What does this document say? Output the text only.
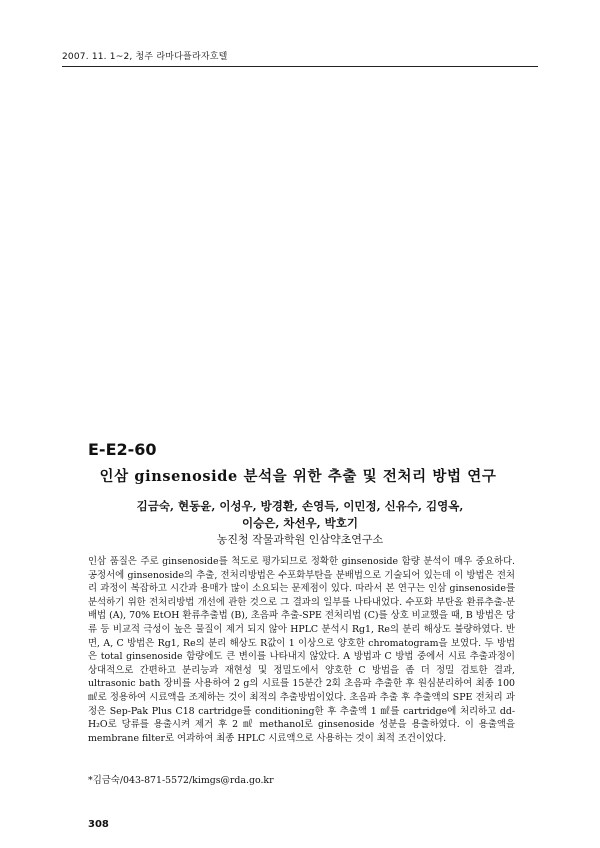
2007. 11. 1~2, 청주 라마다플라자호텔
E-E2-60
인삼 ginsenoside 분석을 위한 추출 및 전처리 방법 연구
김금숙, 현동윤, 이성우, 방경환, 손영득, 이민정, 신유수, 김영옥, 이승은, 차선우, 박호기
농진청 작물과학원 인삼약초연구소
인삼 품질은 주로 ginsenoside를 척도로 평가되므로 정확한 ginsenoside 함량 분석이 매우 중요하다. 공정서에 ginsenoside의 추출, 전처리방법은 수포화부탄을 분배법으로 기술되어 있는데 이 방법은 전처리 과정이 복잡하고 시간과 용매가 많이 소요되는 문제점이 있다. 따라서 본 연구는 인삼 ginsenoside를 분석하기 위한 전처리방법 개선에 관한 것으로 그 결과의 일부를 나타내었다. 수포화 부탄올 환류추출-분배법 (A), 70% EtOH 환류추출법 (B), 초음파 추출-SPE 전처리법 (C)를 상호 비교했을 때, B 방법은 당류 등 비교적 극성이 높은 물질이 제거 되지 않아 HPLC 분석시 Rg1, Re의 분리 해상도 불량하였다. 반면, A, C 방법은 Rg1, Re의 분리 해상도 R값이 1 이상으로 양호한 chromatogram을 보였다. 두 방법은 total ginsenoside 함량에도 큰 변이를 나타내지 않았다. A 방법과 C 방법 중에서 시료 추출과정이 상대적으로 간편하고 분리능과 재현성 및 정밀도에서 양호한 C 방법을 좀 더 정밀 검토한 결과, ultrasonic bath 장비를 사용하여 2 g의 시료를 15분간 2회 초음파 추출한 후 원심분리하여 최종 100 ㎖로 정용하여 시료액을 조제하는 것이 최적의 추출방법이었다. 초음파 추출 후 추출액의 SPE 전처리 과정은 Sep-Pak Plus C18 cartridge를 conditioning한 후 추출액 1 ㎖를 cartridge에 처리하고 dd-H₂O로 당류를 용출시켜 제거 후 2 ㎖ methanol로 ginsenoside 성분을 용출하였다. 이 용출액을 membrane filter로 여과하여 최종 HPLC 시료액으로 사용하는 것이 최적 조건이었다.
*김금숙/043-871-5572/kimgs@rda.go.kr
308
